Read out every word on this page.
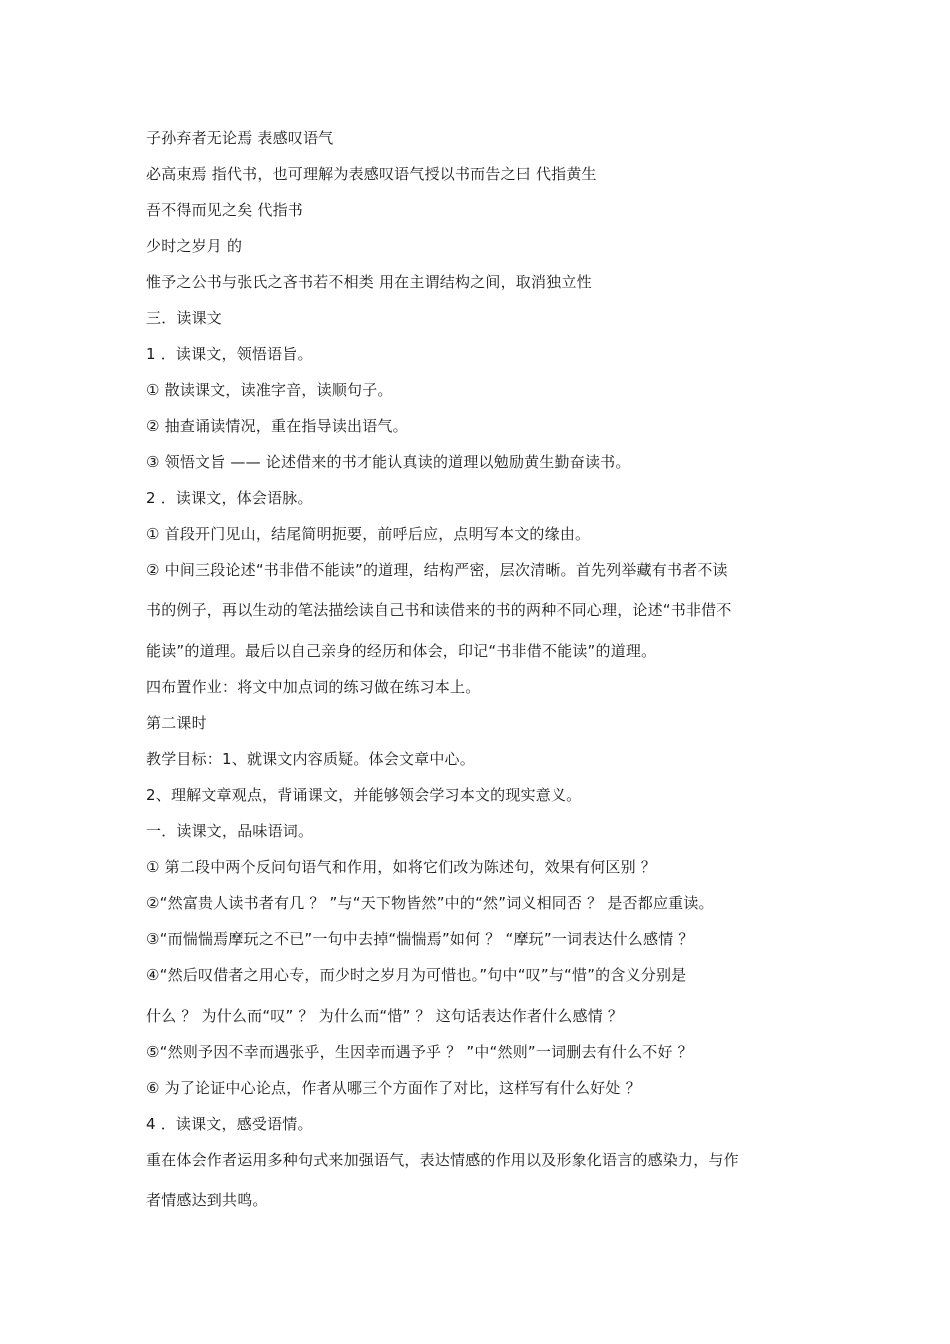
子孙弃者无论焉 表感叹语气
必高束焉 指代书，也可理解为表感叹语气授以书而告之曰 代指黄生
吾不得而见之矣 代指书
少时之岁月 的
惟予之公书与张氏之吝书若不相类 用在主谓结构之间，取消独立性
三．读课文
1 ．读课文，领悟语旨。
① 散读课文，读准字音，读顺句子。
② 抽查诵读情况，重在指导读出语气。
③ 领悟文旨 —— 论述借来的书才能认真读的道理以勉励黄生勤奋读书。
2 ．读课文，体会语脉。
① 首段开门见山，结尾简明扼要，前呼后应，点明写本文的缘由。
② 中间三段论述“书非借不能读”的道理，结构严密，层次清晰。首先列举藏有书者不读
书的例子，再以生动的笔法描绘读自己书和读借来的书的两种不同心理，论述“书非借不
能读”的道理。最后以自己亲身的经历和体会，印记“书非借不能读”的道理。
四布置作业：将文中加点词的练习做在练习本上。
第二课时
教学目标：1、就课文内容质疑。体会文章中心。
2、理解文章观点，背诵课文，并能够领会学习本文的现实意义。
一．读课文，品味语词。
① 第二段中两个反问句语气和作用，如将它们改为陈述句，效果有何区别 ？
②“然富贵人读书者有几 ？ ”与“天下物皆然”中的“然”词义相同否 ？ 是否都应重读。
③“而惴惴焉摩玩之不已”一句中去掉“惴惴焉”如何 ？ “摩玩”一词表达什么感情 ？
④“然后叹借者之用心专，而少时之岁月为可惜也。”句中“叹”与“惜”的含义分别是
什么 ？ 为什么而“叹” ？ 为什么而“惜” ？ 这句话表达作者什么感情 ？
⑤“然则予因不幸而遇张乎，生因幸而遇予乎 ？ ”中“然则”一词删去有什么不好 ？
⑥ 为了论证中心论点，作者从哪三个方面作了对比，这样写有什么好处 ？
4 ．读课文，感受语情。
重在体会作者运用多种句式来加强语气，表达情感的作用以及形象化语言的感染力，与作
者情感达到共鸣。
